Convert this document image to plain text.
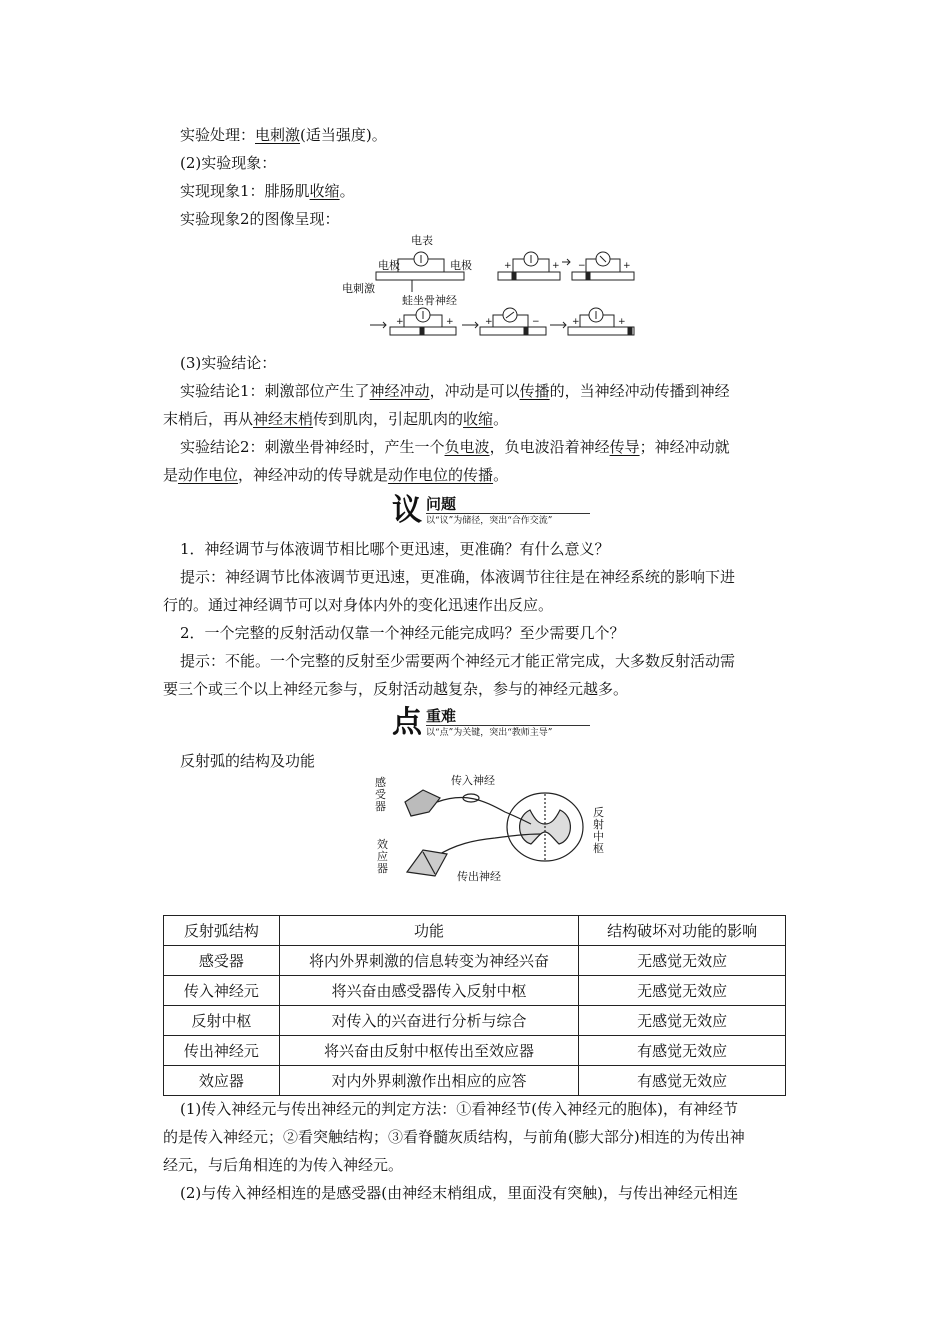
实验处理：电刺激(适当强度)。
(2)实验现象：
实现现象1：腓肠肌收缩。
实验现象2的图像呈现：
电表
电极	电极
电刺激
蛙坐骨神经
+	+ −	+
+	+	+	−	+	+
(3)实验结论：
实验结论1：刺激部位产生了神经冲动，冲动是可以传播的，当神经冲动传播到神经
末梢后，再从神经末梢传到肌肉，引起肌肉的收缩。
实验结论2：刺激坐骨神经时，产生一个负电波，负电波沿着神经传导；神经冲动就
是动作电位，神经冲动的传导就是动作电位的传播。
议 问题
以“议”为储径，突出“合作交流”
1．神经调节与体液调节相比哪个更迅速，更准确？有什么意义？
提示：神经调节比体液调节更迅速，更准确，体液调节往往是在神经系统的影响下进
行的。通过神经调节可以对身体内外的变化迅速作出反应。
2．一个完整的反射活动仅靠一个神经元能完成吗？至少需要几个？
提示：不能。一个完整的反射至少需要两个神经元才能正常完成，大多数反射活动需
要三个或三个以上神经元参与，反射活动越复杂，参与的神经元越多。
点 重难
以“点”为关键，突出“教师主导”
反射弧的结构及功能
传入神经
传出神经
感受器
效应器
反射中枢
反射弧结构	功能	结构破坏对功能的影响
感受器	将内外界刺激的信息转变为神经兴奋	无感觉无效应
传入神经元	将兴奋由感受器传入反射中枢	无感觉无效应
反射中枢	对传入的兴奋进行分析与综合	无感觉无效应
传出神经元	将兴奋由反射中枢传出至效应器	有感觉无效应
效应器	对内外界刺激作出相应的应答	有感觉无效应
(1)传入神经元与传出神经元的判定方法：①看神经节(传入神经元的胞体)，有神经节
的是传入神经元；②看突触结构；③看脊髓灰质结构，与前角(膨大部分)相连的为传出神
经元，与后角相连的为传入神经元。
(2)与传入神经相连的是感受器(由神经末梢组成，里面没有突触)，与传出神经元相连
